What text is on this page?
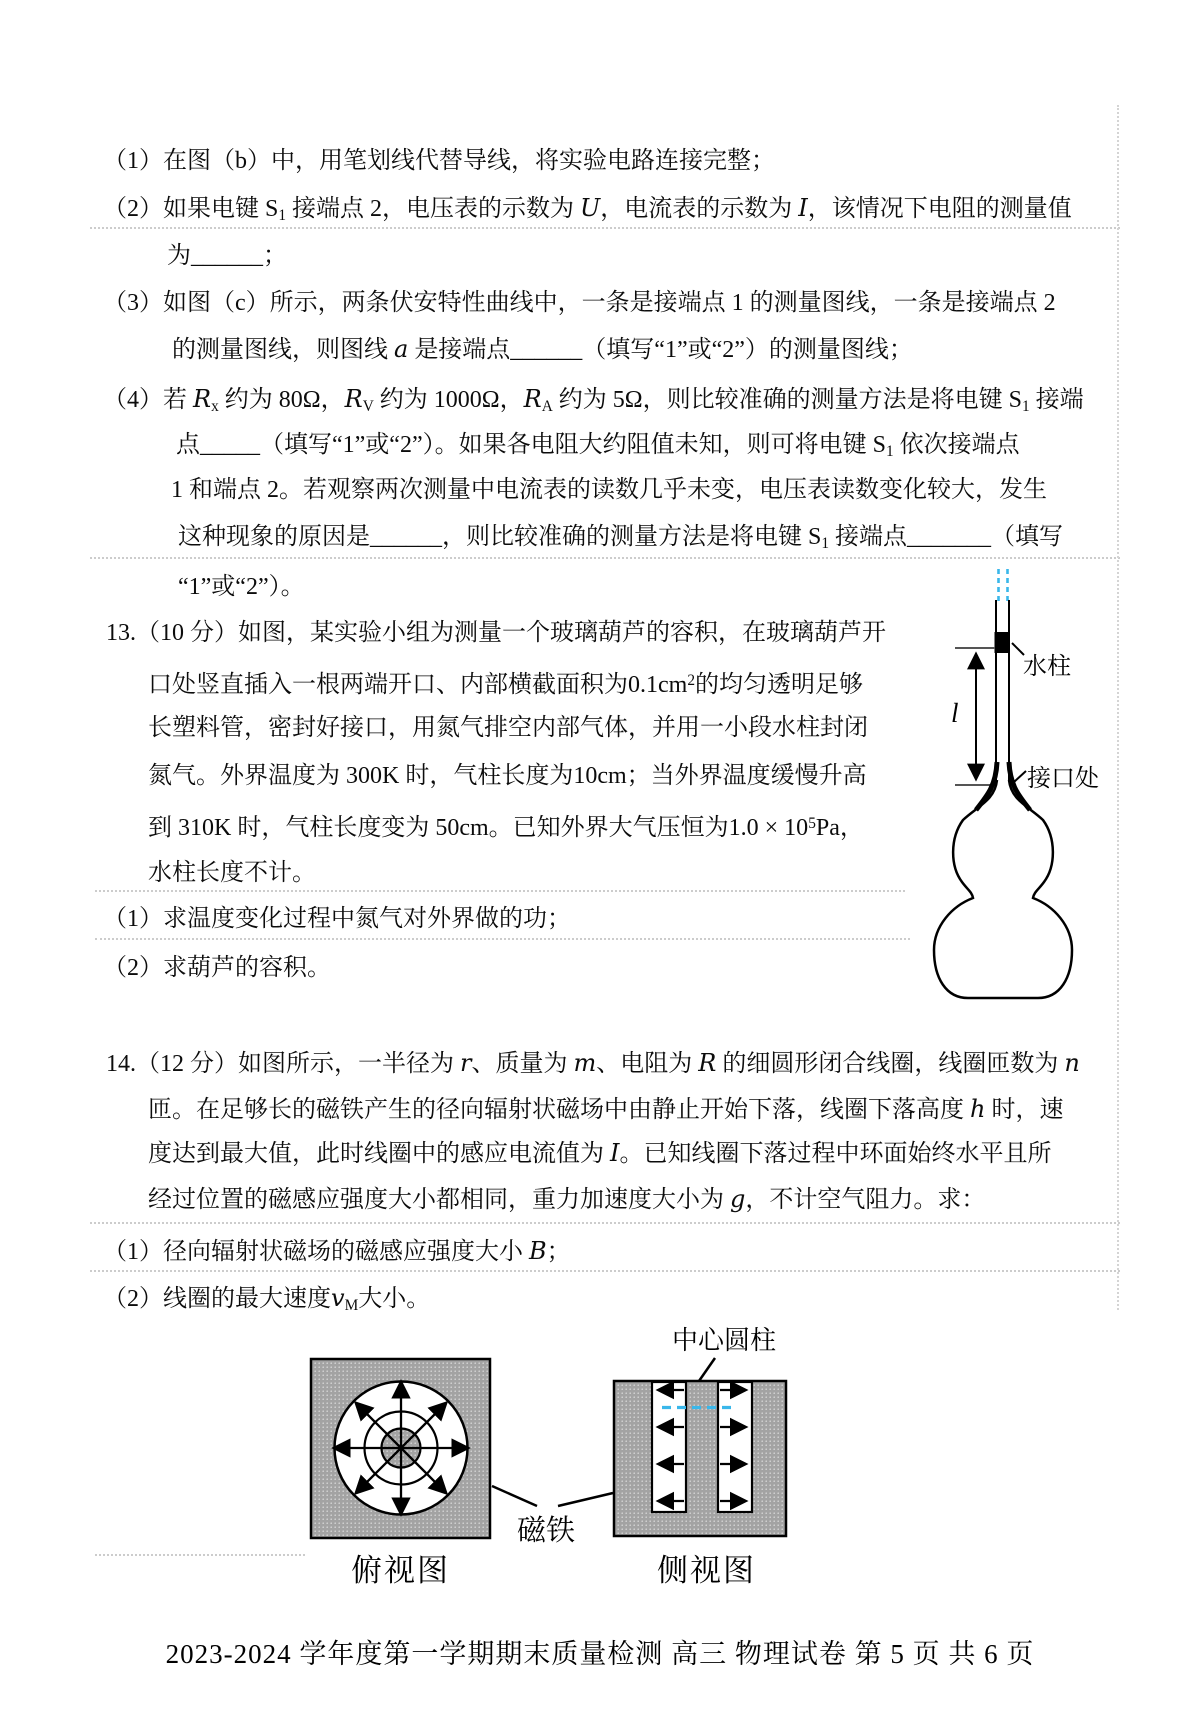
（1）在图（b）中，用笔划线代替导线，将实验电路连接完整；
（2）如果电键 $S_1$ 接端点 2，电压表的示数为 U，电流表的示数为 I，该情况下电阻的测量值
为______；
（3）如图（c）所示，两条伏安特性曲线中，一条是接端点 1 的测量图线，一条是接端点 2
的测量图线，则图线 a 是接端点______（填写“1”或“2”）的测量图线；
（4）若 $R_x$ 约为 80Ω，$R_V$ 约为 1000Ω，$R_A$ 约为 5Ω，则比较准确的测量方法是将电键 $S_1$ 接端
点_____（填写“1”或“2”）。如果各电阻大约阻值未知，则可将电键 $S_1$ 依次接端点
1 和端点 2。若观察两次测量中电流表的读数几乎未变，电压表读数变化较大，发生
这种现象的原因是______，则比较准确的测量方法是将电键 $S_1$ 接端点_______（填写
“1”或“2”）。
13.（10 分）如图，某实验小组为测量一个玻璃葫芦的容积，在玻璃葫芦开
口处竖直插入一根两端开口、内部横截面积为$0.1cm^2$的均匀透明足够
长塑料管，密封好接口，用氮气排空内部气体，并用一小段水柱封闭
氮气。外界温度为 300K 时，气柱长度为10cm；当外界温度缓慢升高
到 310K 时，气柱长度变为 50cm。已知外界大气压恒为$1.0 \times 10^5Pa$，
水柱长度不计。
（1）求温度变化过程中氮气对外界做的功；
（2）求葫芦的容积。
水柱
接口处
l
14.（12 分）如图所示，一半径为 r、质量为 m、电阻为 R 的细圆形闭合线圈，线圈匝数为 n
匝。在足够长的磁铁产生的径向辐射状磁场中由静止开始下落，线圈下落高度 h 时，速
度达到最大值，此时线圈中的感应电流值为 I。已知线圈下落过程中环面始终水平且所
经过位置的磁感应强度大小都相同，重力加速度大小为 g，不计空气阻力。求：
（1）径向辐射状磁场的磁感应强度大小 B；
（2）线圈的最大速度$v_M$大小。
中心圆柱
磁铁
俯视图	侧视图
2023-2024 学年度第一学期期末质量检测 高三 物理试卷 第 5 页 共 6 页
